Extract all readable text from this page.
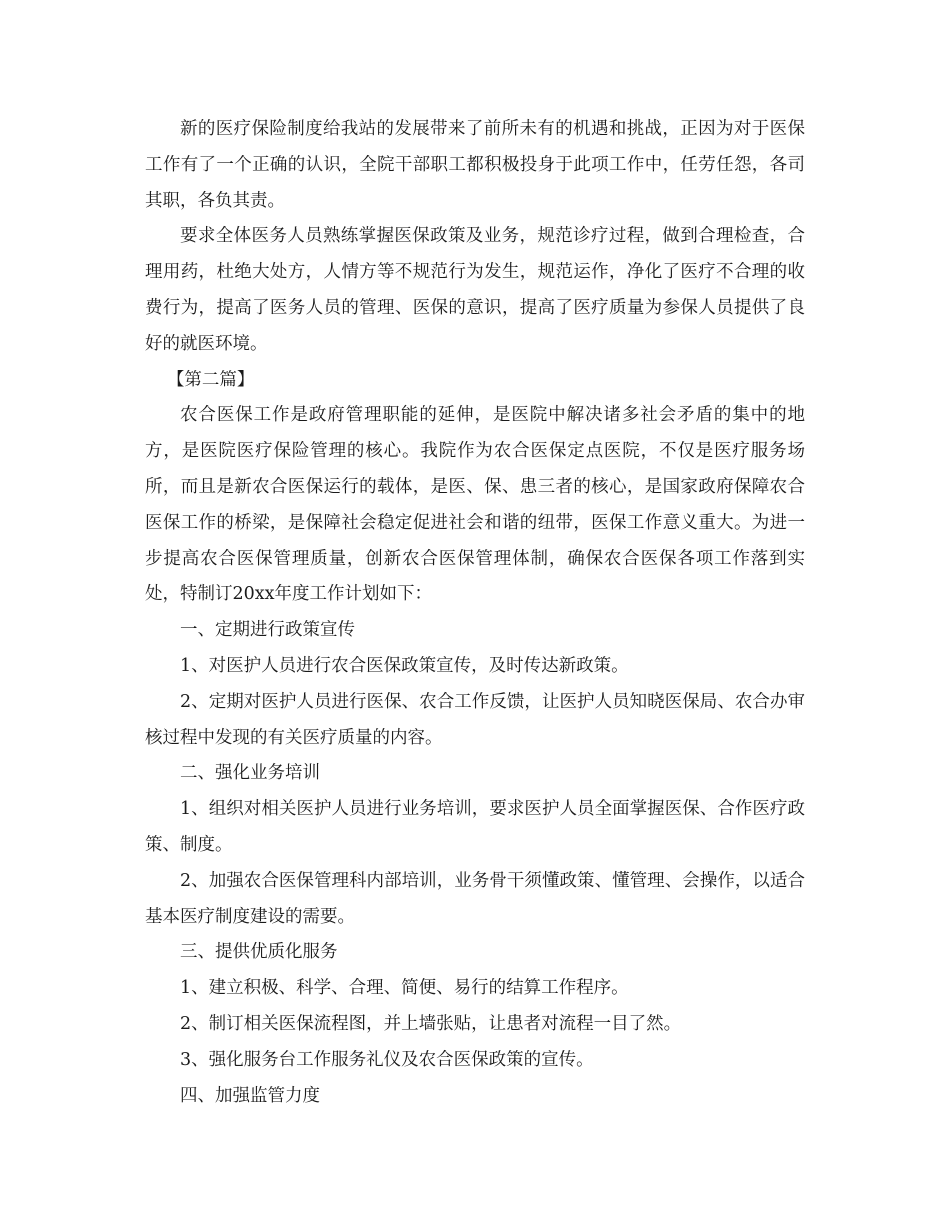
新的医疗保险制度给我站的发展带来了前所未有的机遇和挑战，正因为对于医保工作有了一个正确的认识，全院干部职工都积极投身于此项工作中，任劳任怨，各司其职，各负其责。

要求全体医务人员熟练掌握医保政策及业务，规范诊疗过程，做到合理检查，合理用药，杜绝大处方，人情方等不规范行为发生，规范运作，净化了医疗不合理的收费行为，提高了医务人员的管理、医保的意识，提高了医疗质量为参保人员提供了良好的就医环境。

【第二篇】

农合医保工作是政府管理职能的延伸，是医院中解决诸多社会矛盾的集中的地方，是医院医疗保险管理的核心。我院作为农合医保定点医院，不仅是医疗服务场所，而且是新农合医保运行的载体，是医、保、患三者的核心，是国家政府保障农合医保工作的桥梁，是保障社会稳定促进社会和谐的纽带，医保工作意义重大。为进一步提高农合医保管理质量，创新农合医保管理体制，确保农合医保各项工作落到实处，特制订20xx年度工作计划如下：

一、定期进行政策宣传

1、对医护人员进行农合医保政策宣传，及时传达新政策。

2、定期对医护人员进行医保、农合工作反馈，让医护人员知晓医保局、农合办审核过程中发现的有关医疗质量的内容。

二、强化业务培训

1、组织对相关医护人员进行业务培训，要求医护人员全面掌握医保、合作医疗政策、制度。

2、加强农合医保管理科内部培训，业务骨干须懂政策、懂管理、会操作，以适合基本医疗制度建设的需要。

三、提供优质化服务

1、建立积极、科学、合理、简便、易行的结算工作程序。

2、制订相关医保流程图，并上墙张贴，让患者对流程一目了然。

3、强化服务台工作服务礼仪及农合医保政策的宣传。

四、加强监管力度
